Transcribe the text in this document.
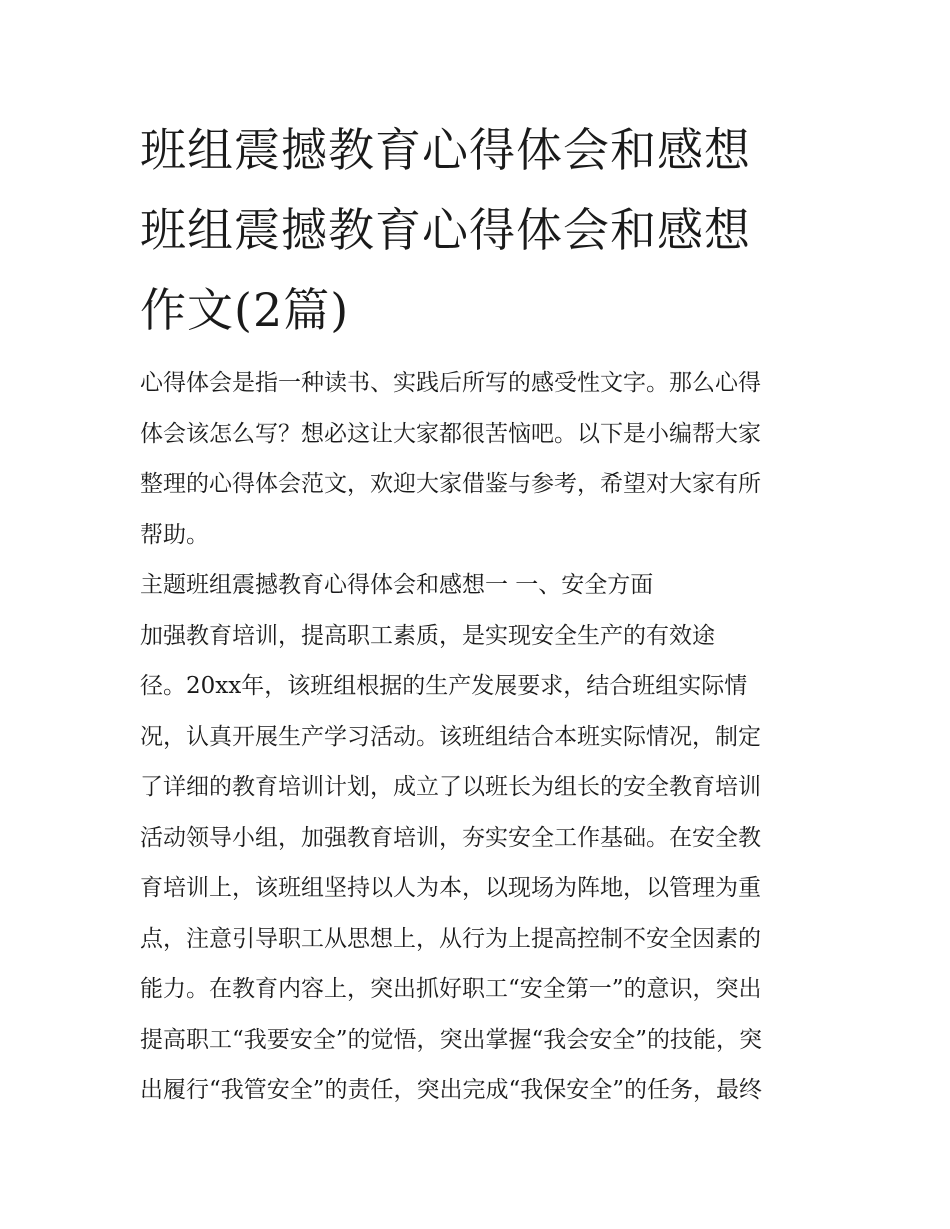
班组震撼教育心得体会和感想
班组震撼教育心得体会和感想
作文(2篇)

心得体会是指一种读书、实践后所写的感受性文字。那么心得
体会该怎么写？想必这让大家都很苦恼吧。以下是小编帮大家
整理的心得体会范文，欢迎大家借鉴与参考，希望对大家有所
帮助。

主题班组震撼教育心得体会和感想一 一、安全方面

加强教育培训，提高职工素质，是实现安全生产的有效途
径。20xx年，该班组根据的生产发展要求，结合班组实际情
况，认真开展生产学习活动。该班组结合本班实际情况，制定
了详细的教育培训计划，成立了以班长为组长的安全教育培训
活动领导小组，加强教育培训，夯实安全工作基础。在安全教
育培训上，该班组坚持以人为本，以现场为阵地，以管理为重
点，注意引导职工从思想上，从行为上提高控制不安全因素的
能力。在教育内容上，突出抓好职工“安全第一”的意识，突出
提高职工“我要安全”的觉悟，突出掌握“我会安全”的技能，突
出履行“我管安全”的责任，突出完成“我保安全”的任务，最终
